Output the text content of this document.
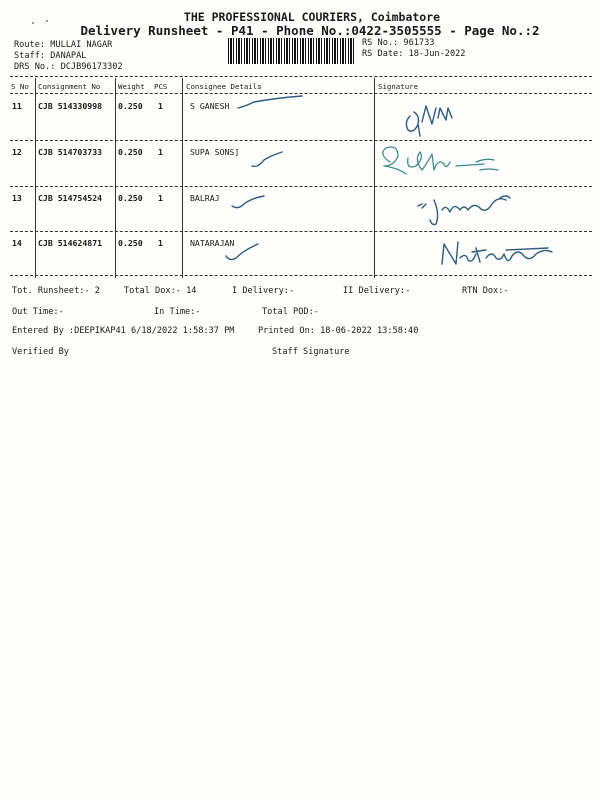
THE PROFESSIONAL COURIERS, Coimbatore
Delivery Runsheet - P41 - Phone No.:0422-3505555 - Page No.:2
Route: MULLAI NAGAR
Staff: DANAPAL
DRS No.: DCJB96173302
RS No.: 961733
RS Date: 18-Jun-2022
S No Consignment No Weight PCS	Consignee Details	Signature
11 CJB 514330998 0.250 1	S GANESH
12 CJB 514703733 0.250 1	SUPA SONS]
13 CJB 514754524 0.250 1	BALRAJ
14 CJB 514624871 0.250 1	NATARAJAN
Tot. Runsheet:- 2	Total Dox:- 14	I Delivery:-	II Delivery:-	RTN Dox:-
Out Time:-	In Time:-	Total POD:-
Entered By :DEEPIKAP41 6/18/2022 1:58:37 PM	Printed On: 18-06-2022 13:58:40
Verified By	Staff Signature
